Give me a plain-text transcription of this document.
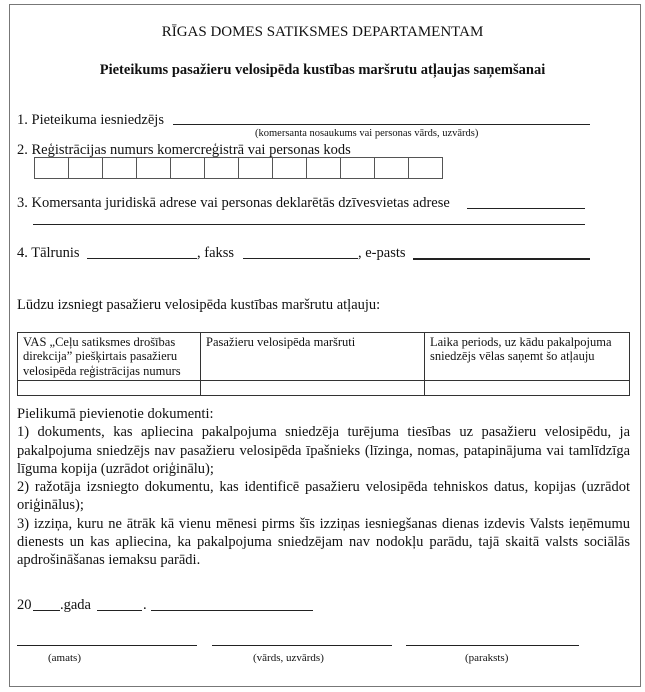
RĪGAS DOMES SATIKSMES DEPARTAMENTAM
Pieteikums pasažieru velosipēda kustības maršrutu atļaujas saņemšanai
1. Pieteikuma iesniedzējs
(komersanta nosaukums vai personas vārds, uzvārds)
2. Reģistrācijas numurs komercreģistrā vai personas kods
3. Komersanta juridiskā adrese vai personas deklarētās dzīvesvietas adrese
4. Tālrunis	, fakss	, e-pasts
Lūdzu izsniegt pasažieru velosipēda kustības maršrutu atļauju:
VAS „Ceļu satiksmes drošības direkcija” piešķirtais pasažieru velosipēda reģistrācijas numurs	Pasažieru velosipēda maršruti	Laika periods, uz kādu pakalpojuma sniedzējs vēlas saņemt šo atļauju

Pielikumā pievienotie dokumenti:
1) dokuments, kas apliecina pakalpojuma sniedzēja turējuma tiesības uz pasažieru velosipēdu, ja pakalpojuma sniedzējs nav pasažieru velosipēda īpašnieks (līzinga, nomas, patapinājuma vai tamlīdzīga līguma kopija (uzrādot oriģinālu);
2) ražotāja izsniegto dokumentu, kas identificē pasažieru velosipēda tehniskos datus, kopijas (uzrādot oriģinālus);
3) izziņa, kuru ne ātrāk kā vienu mēnesi pirms šīs izziņas iesniegšanas dienas izdevis Valsts ieņēmumu dienests un kas apliecina, ka pakalpojuma sniedzējam nav nodokļu parādu, tajā skaitā valsts sociālās apdrošināšanas iemaksu parādi.
20 .gada	.
(amats)	(vārds, uzvārds)	(paraksts)
